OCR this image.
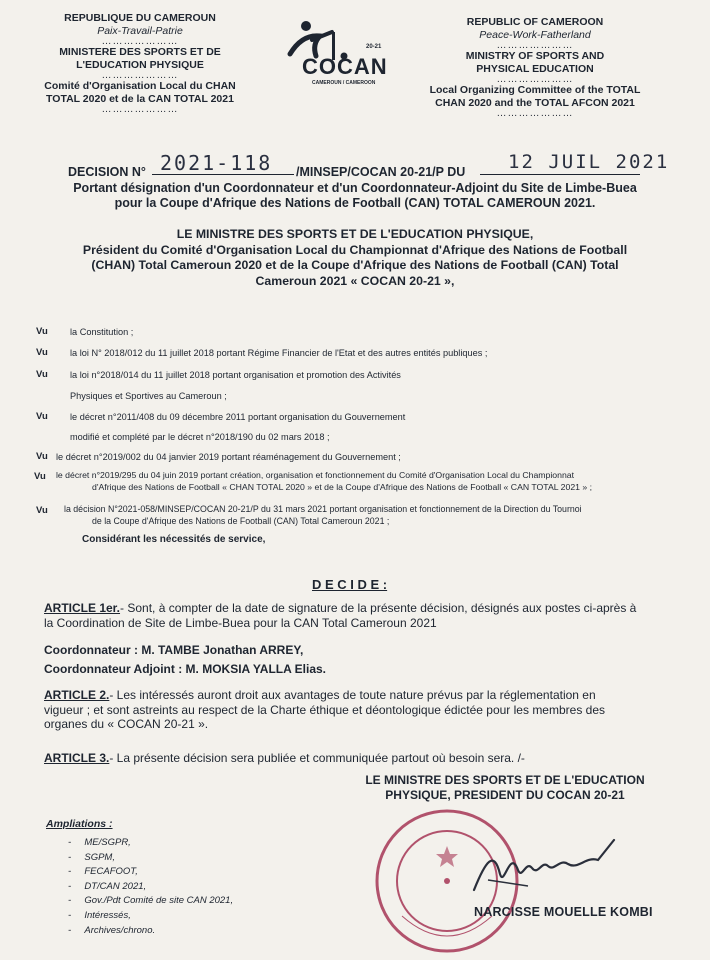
REPUBLIQUE DU CAMEROUN
Paix-Travail-Patrie
…………………
MINISTERE DES SPORTS ET DE
L'EDUCATION PHYSIQUE
…………………
Comité d'Organisation Local du CHAN
TOTAL 2020 et de la CAN TOTAL 2021
…………………
20-21
COCAN
CAMEROUN / CAMEROON
REPUBLIC OF CAMEROON
Peace-Work-Fatherland
…………………
MINISTRY OF SPORTS AND
PHYSICAL EDUCATION
…………………
Local Organizing Committee of the TOTAL
CHAN 2020 and the TOTAL AFCON 2021
…………………
DECISION N° 2021-118 /MINSEP/COCAN 20-21/P DU 12 JUIL 2021
Portant désignation d'un Coordonnateur et d'un Coordonnateur-Adjoint du Site de Limbe-Buea
pour la Coupe d'Afrique des Nations de Football (CAN) TOTAL CAMEROUN 2021.
LE MINISTRE DES SPORTS ET DE L'EDUCATION PHYSIQUE,
Président du Comité d'Organisation Local du Championnat d'Afrique des Nations de Football
(CHAN) Total Cameroun 2020 et de la Coupe d'Afrique des Nations de Football (CAN) Total
Cameroun 2021 « COCAN 20-21 »,
Vu la Constitution ;
Vu la loi N° 2018/012 du 11 juillet 2018 portant Régime Financier de l'Etat et des autres entités publiques ;
Vu la loi n°2018/014 du 11 juillet 2018 portant organisation et promotion des Activités
Physiques et Sportives au Cameroun ;
Vu le décret n°2011/408 du 09 décembre 2011 portant organisation du Gouvernement
modifié et complété par le décret n°2018/190 du 02 mars 2018 ;
Vu le décret n°2019/002 du 04 janvier 2019 portant réaménagement du Gouvernement ;
Vu le décret n°2019/295 du 04 juin 2019 portant création, organisation et fonctionnement du Comité d'Organisation Local du Championnat
d'Afrique des Nations de Football « CHAN TOTAL 2020 » et de la Coupe d'Afrique des Nations de Football « CAN TOTAL 2021 » ;
Vu la décision N°2021-058/MINSEP/COCAN 20-21/P du 31 mars 2021 portant organisation et fonctionnement de la Direction du Tournoi
de la Coupe d'Afrique des Nations de Football (CAN) Total Cameroun 2021 ;
Considérant les nécessités de service,
D E C I D E :
ARTICLE 1er.- Sont, à compter de la date de signature de la présente décision, désignés aux postes ci-après à
la Coordination de Site de Limbe-Buea pour la CAN Total Cameroun 2021
Coordonnateur : M. TAMBE Jonathan ARREY,
Coordonnateur Adjoint : M. MOKSIA YALLA Elias.
ARTICLE 2.- Les intéressés auront droit aux avantages de toute nature prévus par la réglementation en
vigueur ; et sont astreints au respect de la Charte éthique et déontologique édictée pour les membres des
organes du « COCAN 20-21 ».
ARTICLE 3.- La présente décision sera publiée et communiquée partout où besoin sera. /-
LE MINISTRE DES SPORTS ET DE L'EDUCATION
PHYSIQUE, PRESIDENT DU COCAN 20-21
NARCISSE MOUELLE KOMBI
Ampliations :
-     ME/SGPR,
-     SGPM,
-     FECAFOOT,
-     DT/CAN 2021,
-     Gov./Pdt Comité de site CAN 2021,
-     Intéressés,
-     Archives/chrono.
